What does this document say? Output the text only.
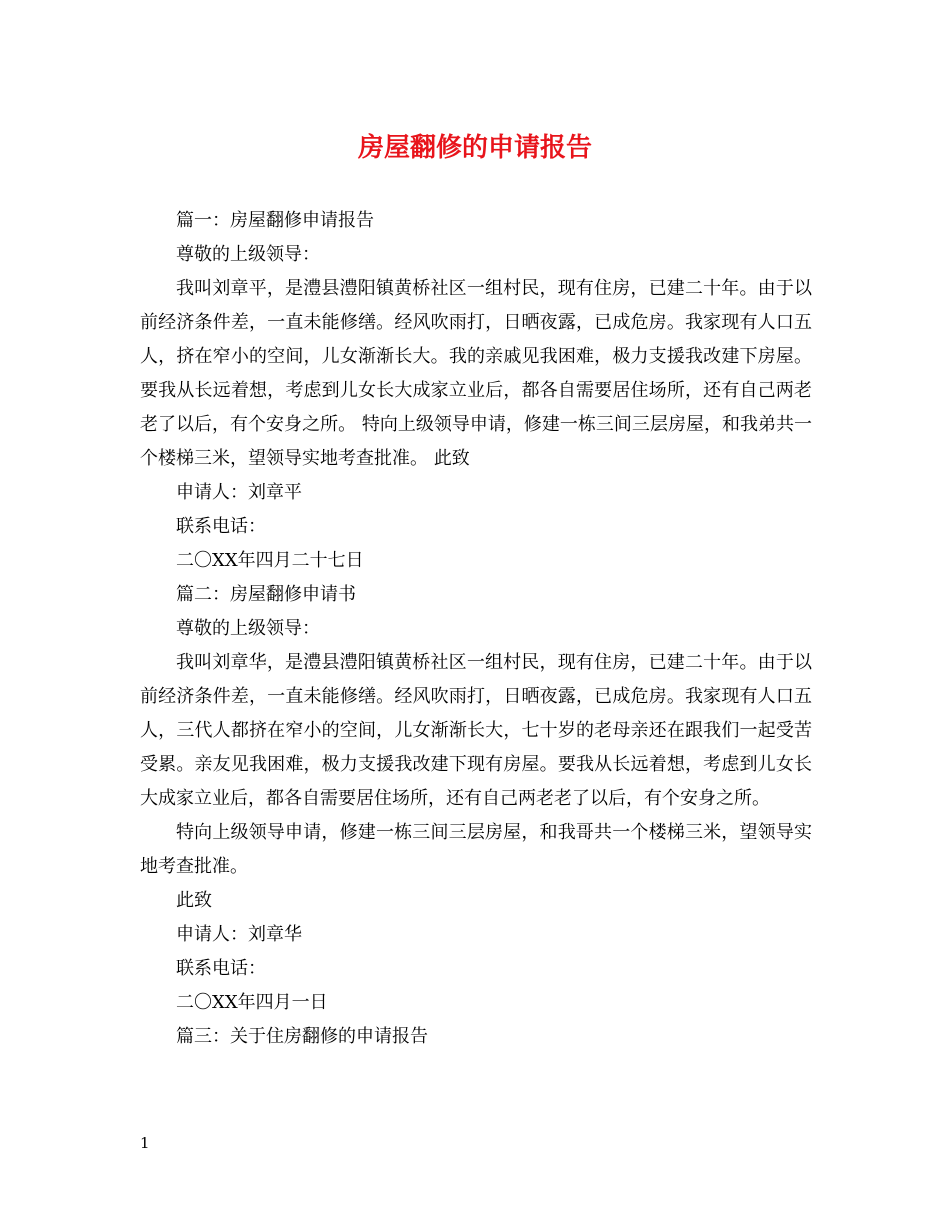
房屋翻修的申请报告

篇一：房屋翻修申请报告

尊敬的上级领导：

我叫刘章平，是澧县澧阳镇黄桥社区一组村民，现有住房，已建二十年。由于以前经济条件差，一直未能修缮。经风吹雨打，日晒夜露，已成危房。我家现有人口五人，挤在窄小的空间，儿女渐渐长大。我的亲戚见我困难，极力支援我改建下房屋。要我从长远着想，考虑到儿女长大成家立业后，都各自需要居住场所，还有自己两老老了以后，有个安身之所。 特向上级领导申请，修建一栋三间三层房屋，和我弟共一个楼梯三米，望领导实地考查批准。 此致

申请人：刘章平

联系电话：

二〇XX年四月二十七日

篇二：房屋翻修申请书

尊敬的上级领导：

我叫刘章华，是澧县澧阳镇黄桥社区一组村民，现有住房，已建二十年。由于以前经济条件差，一直未能修缮。经风吹雨打，日晒夜露，已成危房。我家现有人口五人，三代人都挤在窄小的空间，儿女渐渐长大，七十岁的老母亲还在跟我们一起受苦受累。亲友见我困难，极力支援我改建下现有房屋。要我从长远着想，考虑到儿女长大成家立业后，都各自需要居住场所，还有自己两老老了以后，有个安身之所。

特向上级领导申请，修建一栋三间三层房屋，和我哥共一个楼梯三米，望领导实地考查批准。

此致

申请人：刘章华

联系电话：

二〇XX年四月一日

篇三：关于住房翻修的申请报告

1
